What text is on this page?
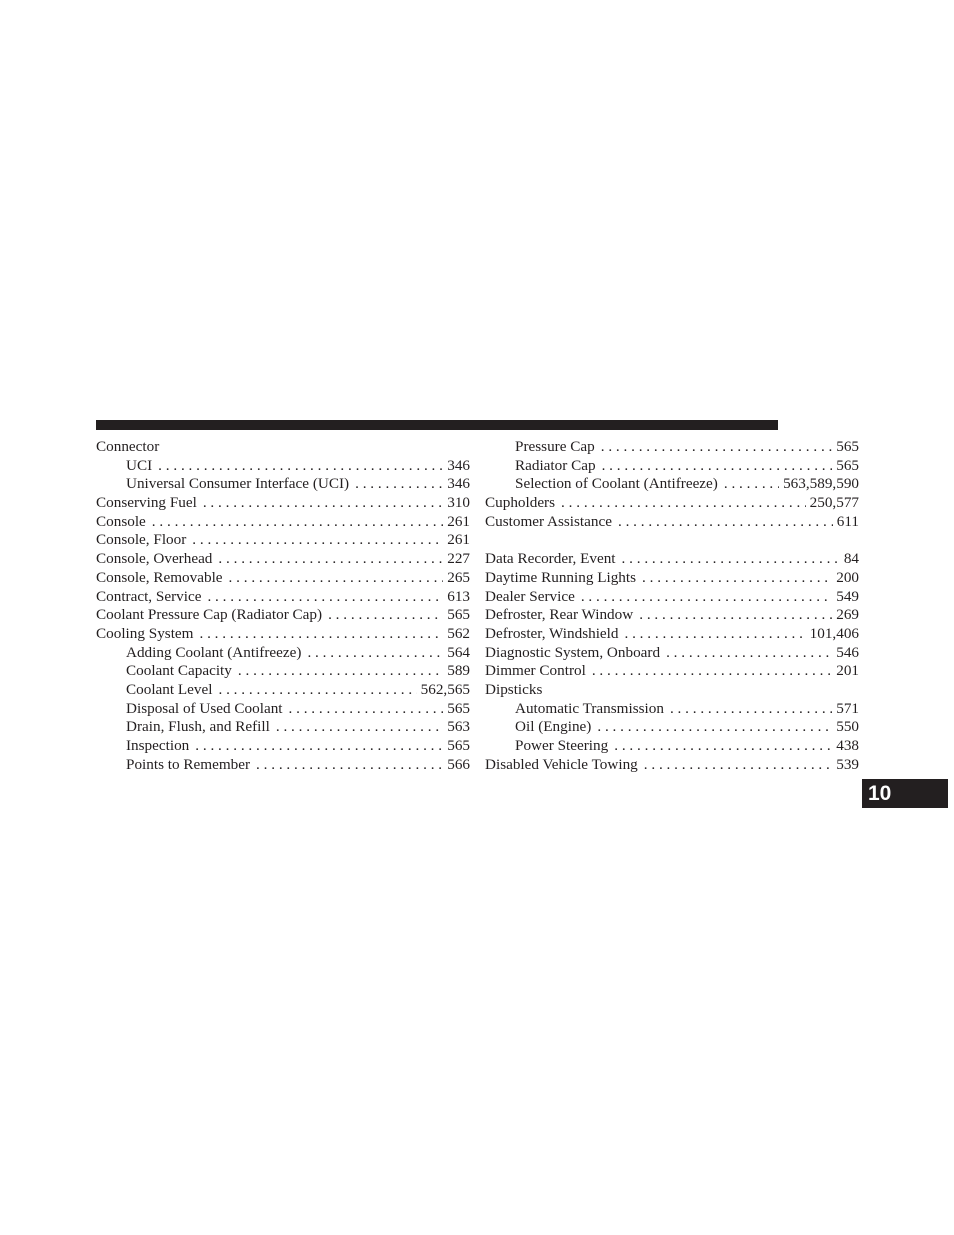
Connector
UCI . . .	346
Universal Consumer Interface (UCI) . . .	346
Conserving Fuel . . .	310
Console . . .	261
Console, Floor . . .	261
Console, Overhead . . .	227
Console, Removable . . .	265
Contract, Service . . .	613
Coolant Pressure Cap (Radiator Cap) . . .	565
Cooling System . . .	562
Adding Coolant (Antifreeze) . . .	564
Coolant Capacity . . .	589
Coolant Level . . .	562,565
Disposal of Used Coolant . . .	565
Drain, Flush, and Refill . . .	563
Inspection . . .	565
Points to Remember . . .	566
Pressure Cap . . .	565
Radiator Cap . . .	565
Selection of Coolant (Antifreeze) . . .	563,589,590
Cupholders . . .	250,577
Customer Assistance . . .	611
Data Recorder, Event . . .	84
Daytime Running Lights . . .	200
Dealer Service . . .	549
Defroster, Rear Window . . .	269
Defroster, Windshield . . .	101,406
Diagnostic System, Onboard . . .	546
Dimmer Control . . .	201
Dipsticks
Automatic Transmission . . .	571
Oil (Engine) . . .	550
Power Steering . . .	438
Disabled Vehicle Towing . . .	539
10
